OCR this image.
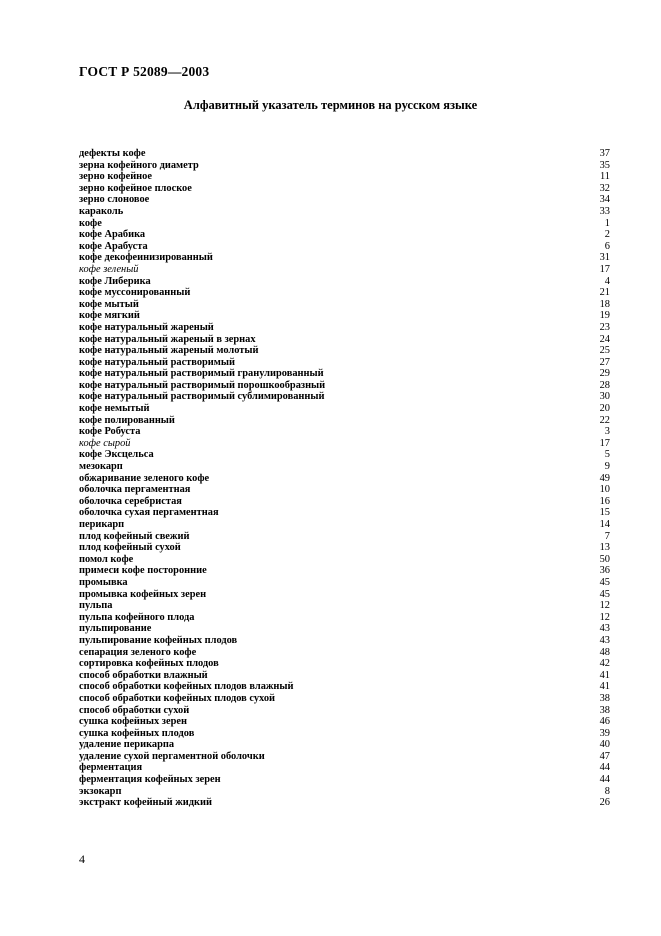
ГОСТ Р 52089—2003
Алфавитный указатель терминов на русском языке
дефекты кофе	37
зерна кофейного диаметр	35
зерно кофейное	11
зерно кофейное плоское	32
зерно слоновое	34
караколь	33
кофе	1
кофе Арабика	2
кофе Арабуста	6
кофе декофеинизированный	31
кофе зеленый	17
кофе Либерика	4
кофе муссонированный	21
кофе мытый	18
кофе мягкий	19
кофе натуральный жареный	23
кофе натуральный жареный в зернах	24
кофе натуральный жареный молотый	25
кофе натуральный растворимый	27
кофе натуральный растворимый гранулированный	29
кофе натуральный растворимый порошкообразный	28
кофе натуральный растворимый сублимированный	30
кофе немытый	20
кофе полированный	22
кофе Робуста	3
кофе сырой	17
кофе Эксцельса	5
мезокарп	9
обжаривание зеленого кофе	49
оболочка пергаментная	10
оболочка серебристая	16
оболочка сухая пергаментная	15
перикарп	14
плод кофейный свежий	7
плод кофейный сухой	13
помол кофе	50
примеси кофе посторонние	36
промывка	45
промывка кофейных зерен	45
пульпа	12
пульпа кофейного плода	12
пульпирование	43
пульпирование кофейных плодов	43
сепарация зеленого кофе	48
сортировка кофейных плодов	42
способ обработки влажный	41
способ обработки кофейных плодов влажный	41
способ обработки кофейных плодов сухой	38
способ обработки сухой	38
сушка кофейных зерен	46
сушка кофейных плодов	39
удаление перикарпа	40
удаление сухой пергаментной оболочки	47
ферментация	44
ферментация кофейных зерен	44
экзокарп	8
экстракт кофейный жидкий	26
4
